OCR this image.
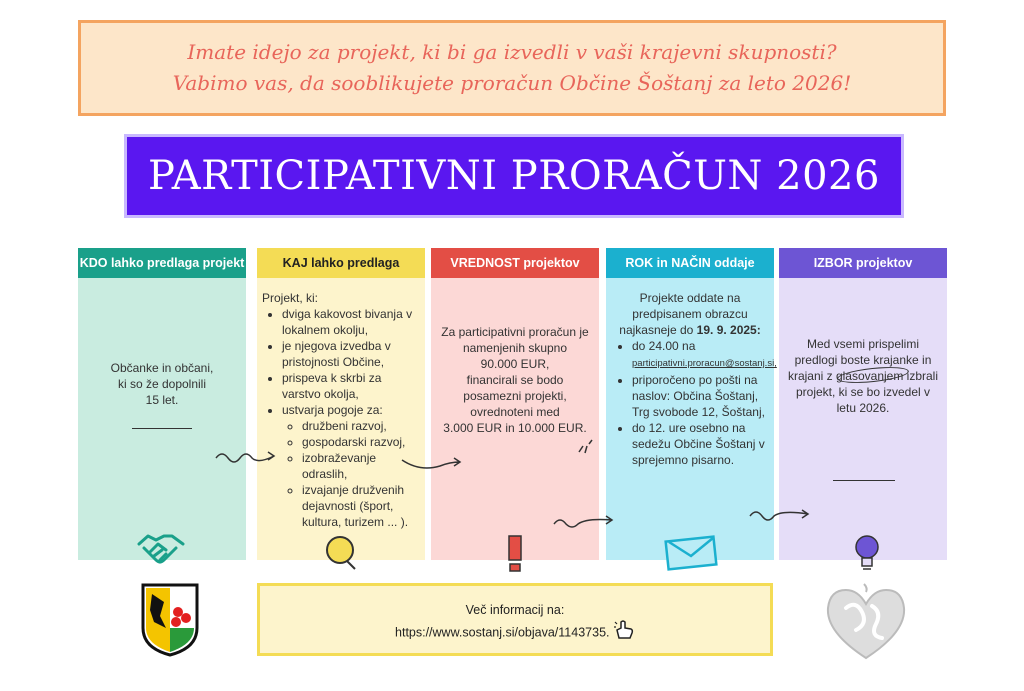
Imate idejo za projekt, ki bi ga izvedli v vaši krajevni skupnosti?
Vabimo vas, da sooblikujete proračun Občine Šoštanj za leto 2026!
PARTICIPATIVNI PRORAČUN 2026
KDO lahko predlaga projekt
Občanke in občani,
ki so že dopolnili
15 let.
KAJ lahko predlaga
Projekt, ki:
• dviga kakovost bivanja v lokalnem okolju,
• je njegova izvedba v pristojnosti Občine,
• prispeva k skrbi za varstvo okolja,
• ustvarja pogoje za:
◦ družbeni razvoj,
◦ gospodarski razvoj,
◦ izobraževanje odraslih,
◦ izvajanje družvenih dejavnosti (šport, kultura, turizem ... ).
VREDNOST projektov
Za participativni proračun je
namenjenih skupno
90.000 EUR,
financirali se bodo
posamezni projekti,
ovrednoteni med
3.000 EUR in 10.000 EUR.
ROK in NAČIN oddaje
Projekte oddate na
predpisanem obrazcu
najkasneje do 19. 9. 2025:
• do 24.00 na
participativni.proracun@sostanj.si,
• priporočeno po pošti na naslov: Občina Šoštanj, Trg svobode 12, Šoštanj,
• do 12. ure osebno na sedežu Občine Šoštanj v sprejemno pisarno.
IZBOR projektov
Med vsemi prispelimi
predlogi boste krajanke in
krajani z glasovanjem izbrali
projekt, ki se bo izvedel v
letu 2026.
Več informacij na:
https://www.sostanj.si/objava/1143735.
